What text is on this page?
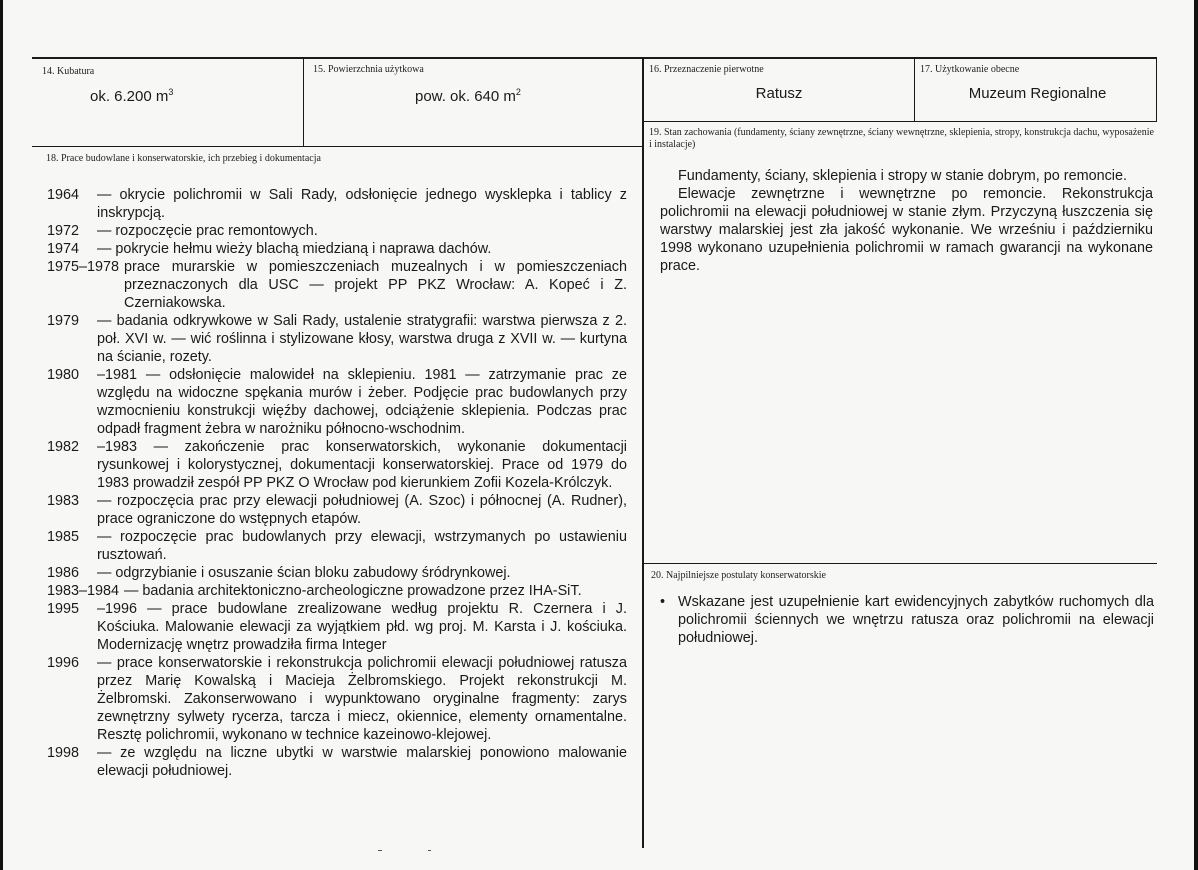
14. Kubatura
ok. 6.200 $m^3$
15. Powierzchnia użytkowa
pow. ok. 640 $m^2$
16. Przeznaczenie pierwotne
Ratusz
17. Użytkowanie obecne
Muzeum Regionalne
18. Prace budowlane i konserwatorskie, ich przebieg i dokumentacja
1964	— okrycie polichromii w Sali Rady, odsłonięcie jednego wysklepka i tablicy z inskrypcją.
1972	— rozpoczęcie prac remontowych.
1974	— pokrycie hełmu wieży blachą miedzianą i naprawa dachów.
1975–1978 prace murarskie w pomieszczeniach muzealnych i w pomieszczeniach przeznaczonych dla USC — projekt PP PKZ Wrocław: A. Kopeć i Z. Czerniakowska.
1979	— badania odkrywkowe w Sali Rady, ustalenie stratygrafii: warstwa pierwsza z 2. poł. XVI w. — wić roślinna i stylizowane kłosy, warstwa druga z XVII w. — kurtyna na ścianie, rozety.
1980	–1981 — odsłonięcie malowideł na sklepieniu. 1981 — zatrzymanie prac ze względu na widoczne spękania murów i żeber. Podjęcie prac budowlanych przy wzmocnieniu konstrukcji więźby dachowej, odciążenie sklepienia. Podczas prac odpadł fragment żebra w narożniku północno-wschodnim.
1982	–1983 — zakończenie prac konserwatorskich, wykonanie dokumentacji rysunkowej i kolorystycznej, dokumentacji konserwatorskiej. Prace od 1979 do 1983 prowadził zespół PP PKZ O Wrocław pod kierunkiem Zofii Kozela-Królczyk.
1983	— rozpoczęcia prac przy elewacji południowej (A. Szoc) i północnej (A. Rudner), prace ograniczone do wstępnych etapów.
1985	— rozpoczęcie prac budowlanych przy elewacji, wstrzymanych po ustawieniu rusztowań.
1986	— odgrzybianie i osuszanie ścian bloku zabudowy śródrynkowej.
1983–1984 — badania architektoniczno-archeologiczne prowadzone przez IHA-SiT.
1995	–1996 — prace budowlane zrealizowane według projektu R. Czernera i J. Kościuka. Malowanie elewacji za wyjątkiem płd. wg proj. M. Karsta i J. kościuka. Modernizację wnętrz prowadziła firma Integer
1996	— prace konserwatorskie i rekonstrukcja polichromii elewacji południowej ratusza przez Marię Kowalską i Macieja Żelbromskiego. Projekt rekonstrukcji M. Żelbromski. Zakonserwowano i wypunktowano oryginalne fragmenty: zarys zewnętrzny sylwety rycerza, tarcza i miecz, okiennice, elementy ornamentalne. Resztę polichromii, wykonano w technice kazeinowo-klejowej.
1998	— ze względu na liczne ubytki w warstwie malarskiej ponowiono malowanie elewacji południowej.
19. Stan zachowania (fundamenty, ściany zewnętrzne, ściany wewnętrzne, sklepienia, stropy, konstrukcja dachu, wyposażenie i instalacje)

Fundamenty, ściany, sklepienia i stropy w stanie dobrym, po remoncie.

Elewacje zewnętrzne i wewnętrzne po remoncie. Rekonstrukcja polichromii na elewacji południowej w stanie złym. Przyczyną łuszczenia się warstwy malarskiej jest zła jakość wykonanie. We wrześniu i październiku 1998 wykonano uzupełnienia polichromii w ramach gwarancji na wykonane prace.

20. Najpilniejsze postulaty konserwatorskie
• Wskazane jest uzupełnienie kart ewidencyjnych zabytków ruchomych dla polichromii ściennych we wnętrzu ratusza oraz polichromii na elewacji południowej.
